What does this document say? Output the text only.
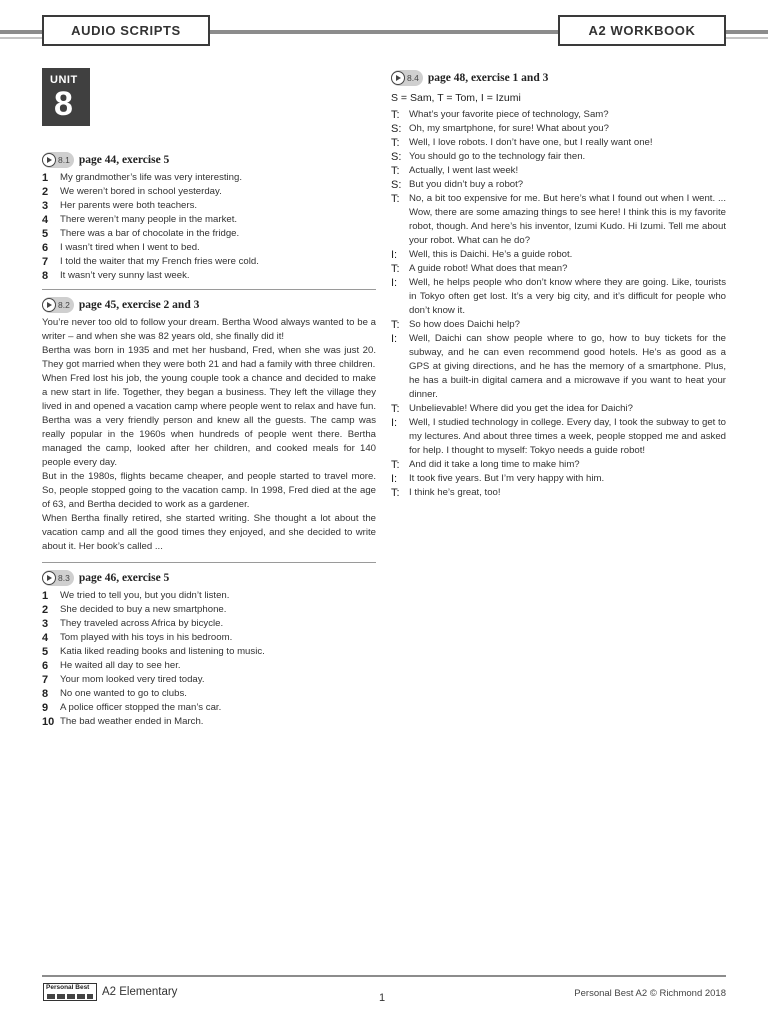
AUDIO SCRIPTS	A2 WORKBOOK
UNIT
8
8.1 page 44, exercise 5
1	My grandmother’s life was very interesting.
2	We weren’t bored in school yesterday.
3	Her parents were both teachers.
4	There weren’t many people in the market.
5	There was a bar of chocolate in the fridge.
6	I wasn’t tired when I went to bed.
7	I told the waiter that my French fries were cold.
8	It wasn’t very sunny last week.
8.2 page 45, exercise 2 and 3

You’re never too old to follow your dream. Bertha Wood always wanted to be a writer – and when she was 82 years old, she finally did it!

Bertha was born in 1935 and met her husband, Fred, when she was just 20. They got married when they were both 21 and had a family with three children.

When Fred lost his job, the young couple took a chance and decided to make a new start in life. Together, they began a business. They left the village they lived in and opened a vacation camp where people went to relax and have fun. Bertha was a very friendly person and knew all the guests. The camp was really popular in the 1960s when hundreds of people went there. Bertha managed the camp, looked after her children, and cooked meals for 140 people every day.

But in the 1980s, flights became cheaper, and people started to travel more. So, people stopped going to the vacation camp. In 1998, Fred died at the age of 63, and Bertha decided to work as a gardener.

When Bertha finally retired, she started writing. She thought a lot about the vacation camp and all the good times they enjoyed, and she decided to write about it. Her book’s called ...

8.3 page 46, exercise 5
1	We tried to tell you, but you didn’t listen.
2	She decided to buy a new smartphone.
3	They traveled across Africa by bicycle.
4	Tom played with his toys in his bedroom.
5	Katia liked reading books and listening to music.
6	He waited all day to see her.
7	Your mom looked very tired today.
8	No one wanted to go to clubs.
9	A police officer stopped the man’s car.
10 The bad weather ended in March.
8.4 page 48, exercise 1 and 3
S = Sam, T = Tom, I = Izumi
T: What’s your favorite piece of technology, Sam?
S: Oh, my smartphone, for sure! What about you?
T: Well, I love robots. I don’t have one, but I really want one!
S: You should go to the technology fair then.
T: Actually, I went last week!
S: But you didn’t buy a robot?
T: No, a bit too expensive for me. But here’s what I found out when I went. ... Wow, there are some amazing things to see here! I think this is my favorite robot, though. And here’s his inventor, Izumi Kudo. Hi Izumi. Tell me about your robot. What can he do?
I:	Well, this is Daichi. He’s a guide robot.
T: A guide robot! What does that mean?
I:	Well, he helps people who don’t know where they are going. Like, tourists in Tokyo often get lost. It’s a very big city, and it’s difficult for people who don’t know it.
T: So how does Daichi help?
I:	Well, Daichi can show people where to go, how to buy tickets for the subway, and he can even recommend good hotels. He’s as good as a GPS at giving directions, and he has the memory of a smartphone. Plus, he has a built-in digital camera and a microwave if you want to heat your dinner.
T: Unbelievable! Where did you get the idea for Daichi?
I:	Well, I studied technology in college. Every day, I took the subway to get to my lectures. And about three times a week, people stopped me and asked for help. I thought to myself: Tokyo needs a guide robot!
T: And did it take a long time to make him?
I:	It took five years. But I’m very happy with him.
T: I think he’s great, too!
Personal Best A2 Elementary	1	Personal Best A2 © Richmond 2018
